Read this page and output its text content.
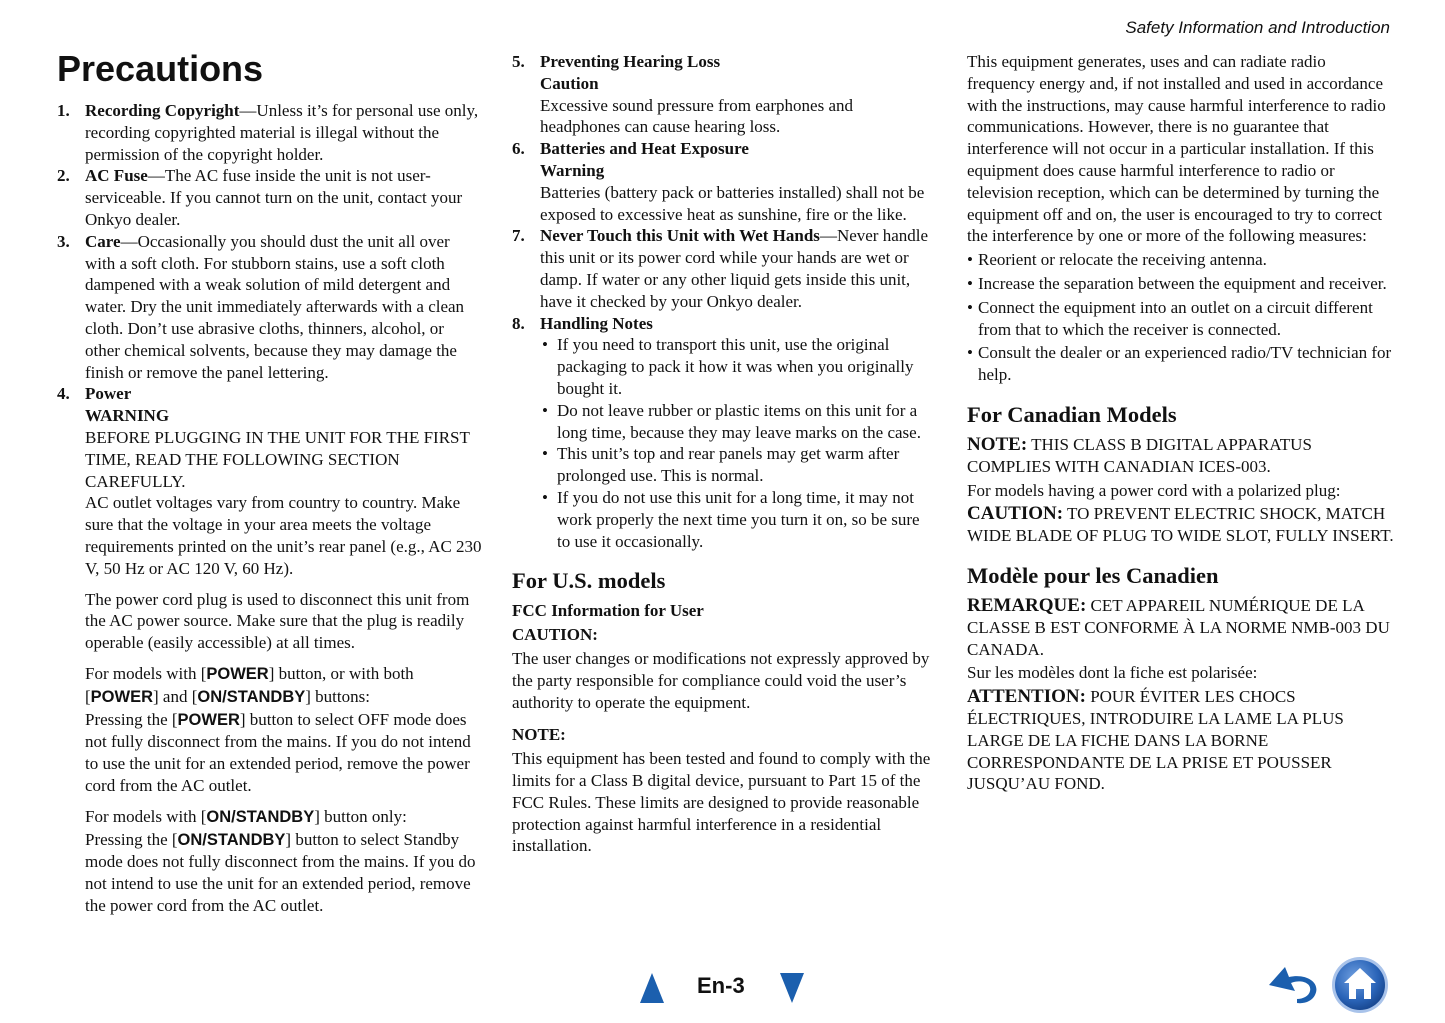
Safety Information and Introduction
Precautions
1. Recording Copyright—Unless it’s for personal use only, recording copyrighted material is illegal without the permission of the copyright holder.
2. AC Fuse—The AC fuse inside the unit is not user-serviceable. If you cannot turn on the unit, contact your Onkyo dealer.
3. Care—Occasionally you should dust the unit all over with a soft cloth. For stubborn stains, use a soft cloth dampened with a weak solution of mild detergent and water. Dry the unit immediately afterwards with a clean cloth. Don’t use abrasive cloths, thinners, alcohol, or other chemical solvents, because they may damage the finish or remove the panel lettering.
4. Power
WARNING
BEFORE PLUGGING IN THE UNIT FOR THE FIRST TIME, READ THE FOLLOWING SECTION CAREFULLY.
AC outlet voltages vary from country to country. Make sure that the voltage in your area meets the voltage requirements printed on the unit’s rear panel (e.g., AC 230 V, 50 Hz or AC 120 V, 60 Hz).
The power cord plug is used to disconnect this unit from the AC power source. Make sure that the plug is readily operable (easily accessible) at all times.
For models with [POWER] button, or with both [POWER] and [ON/STANDBY] buttons:
Pressing the [POWER] button to select OFF mode does not fully disconnect from the mains. If you do not intend to use the unit for an extended period, remove the power cord from the AC outlet.
For models with [ON/STANDBY] button only:
Pressing the [ON/STANDBY] button to select Standby mode does not fully disconnect from the mains. If you do not intend to use the unit for an extended period, remove the power cord from the AC outlet.
5. Preventing Hearing Loss
Caution
Excessive sound pressure from earphones and headphones can cause hearing loss.
6. Batteries and Heat Exposure
Warning
Batteries (battery pack or batteries installed) shall not be exposed to excessive heat as sunshine, fire or the like.
7. Never Touch this Unit with Wet Hands—Never handle this unit or its power cord while your hands are wet or damp. If water or any other liquid gets inside this unit, have it checked by your Onkyo dealer.
8. Handling Notes
• If you need to transport this unit, use the original packaging to pack it how it was when you originally bought it.
• Do not leave rubber or plastic items on this unit for a long time, because they may leave marks on the case.
• This unit’s top and rear panels may get warm after prolonged use. This is normal.
• If you do not use this unit for a long time, it may not work properly the next time you turn it on, so be sure to use it occasionally.
For U.S. models
FCC Information for User
CAUTION:
The user changes or modifications not expressly approved by the party responsible for compliance could void the user’s authority to operate the equipment.
NOTE:
This equipment has been tested and found to comply with the limits for a Class B digital device, pursuant to Part 15 of the FCC Rules. These limits are designed to provide reasonable protection against harmful interference in a residential installation.
This equipment generates, uses and can radiate radio frequency energy and, if not installed and used in accordance with the instructions, may cause harmful interference to radio communications. However, there is no guarantee that interference will not occur in a particular installation. If this equipment does cause harmful interference to radio or television reception, which can be determined by turning the equipment off and on, the user is encouraged to try to correct the interference by one or more of the following measures:
• Reorient or relocate the receiving antenna.
• Increase the separation between the equipment and receiver.
• Connect the equipment into an outlet on a circuit different from that to which the receiver is connected.
• Consult the dealer or an experienced radio/TV technician for help.
For Canadian Models
NOTE: THIS CLASS B DIGITAL APPARATUS COMPLIES WITH CANADIAN ICES-003.
For models having a power cord with a polarized plug:
CAUTION: TO PREVENT ELECTRIC SHOCK, MATCH WIDE BLADE OF PLUG TO WIDE SLOT, FULLY INSERT.
Modèle pour les Canadien
REMARQUE: CET APPAREIL NUMÉRIQUE DE LA CLASSE B EST CONFORME À LA NORME NMB-003 DU CANADA.
Sur les modèles dont la fiche est polarisée:
ATTENTION: POUR ÉVITER LES CHOCS ÉLECTRIQUES, INTRODUIRE LA LAME LA PLUS LARGE DE LA FICHE DANS LA BORNE CORRESPONDANTE DE LA PRISE ET POUSSER JUSQU’AU FOND.
En-3
